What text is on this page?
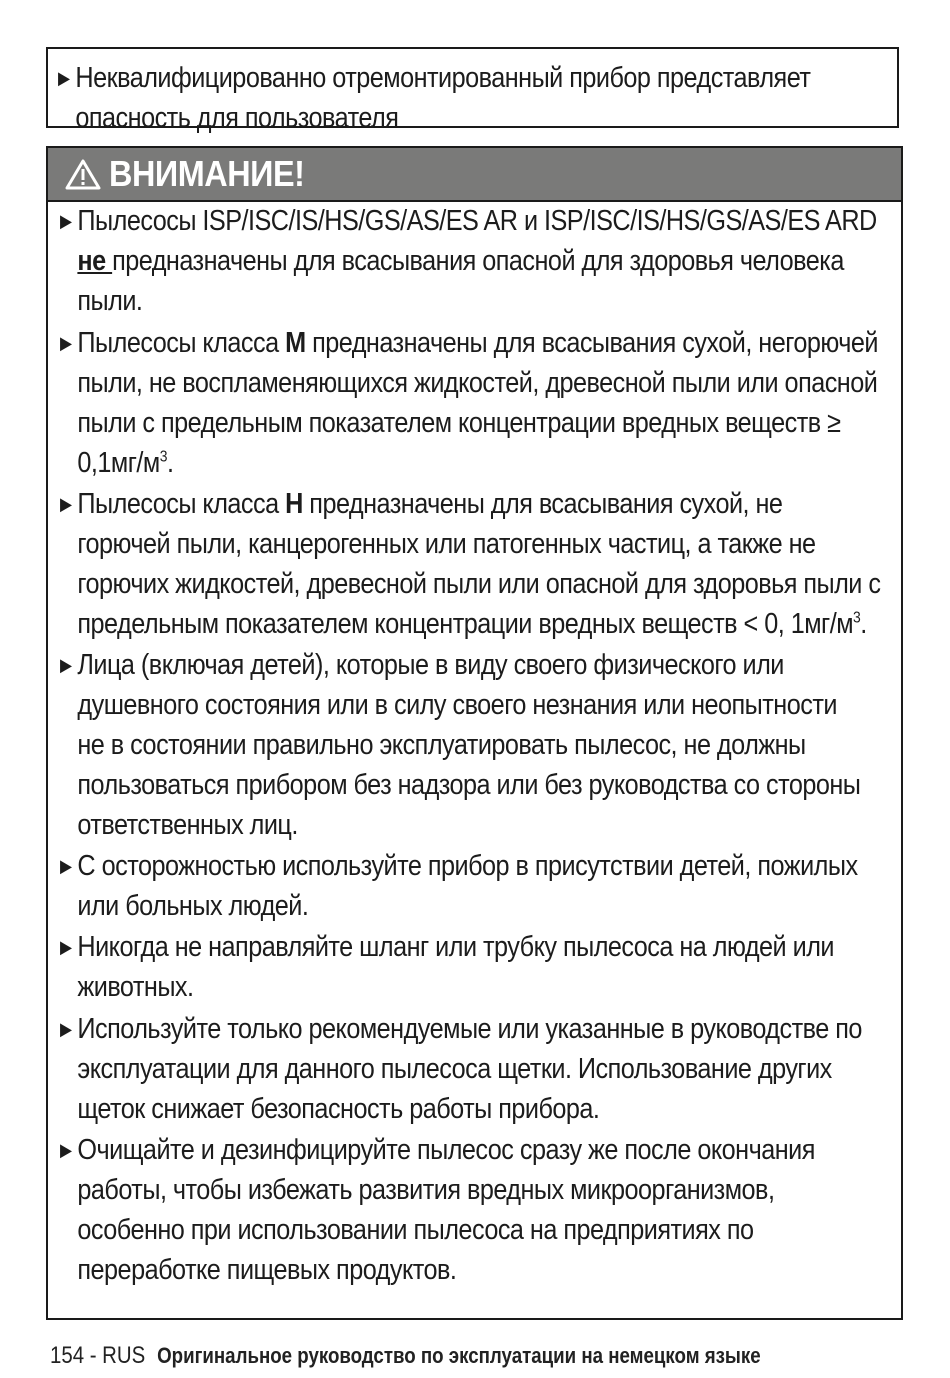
▶ Неквалифицированно отремонтированный прибор представляет
опасность для пользователя
ВНИМАНИЕ!
▶ Пылесосы ISP/ISC/IS/HS/GS/AS/ES AR и ISP/ISC/IS/HS/GS/AS/ES ARD
не предназначены для всасывания опасной для здоровья человека
пыли.
▶ Пылесосы класса M предназначены для всасывания сухой, негорючей
пыли, не воспламеняющихся жидкостей, древесной пыли или опасной
пыли с предельным показателем концентрации вредных веществ ≥
$0,1мг/м^3$.
▶ Пылесосы класса H предназначены для всасывания сухой, не
горючей пыли, канцерогенных или патогенных частиц, а также не
горючих жидкостей, древесной пыли или опасной для здоровья пыли с
предельным показателем концентрации вредных веществ < 0, $1мг/м^3$.
▶ Лица (включая детей), которые в виду своего физического или
душевного состояния или в силу своего незнания или неопытности
не в состоянии правильно эксплуатировать пылесос, не должны
пользоваться прибором без надзора или без руководства со стороны
ответственных лиц.
▶ С осторожностью используйте прибор в присутствии детей, пожилых
или больных людей.
▶ Никогда не направляйте шланг или трубку пылесоса на людей или
животных.
▶ Используйте только рекомендуемые или указанные в руководстве по
эксплуатации для данного пылесоса щетки. Использование других
щеток снижает безопасность работы прибора.
▶ Очищайте и дезинфицируйте пылесос сразу же после окончания
работы, чтобы избежать развития вредных микроорганизмов,
особенно при использовании пылесоса на предприятиях по
переработке пищевых продуктов.
154 - RUS Оригинальное руководство по эксплуатации на немецком языке
